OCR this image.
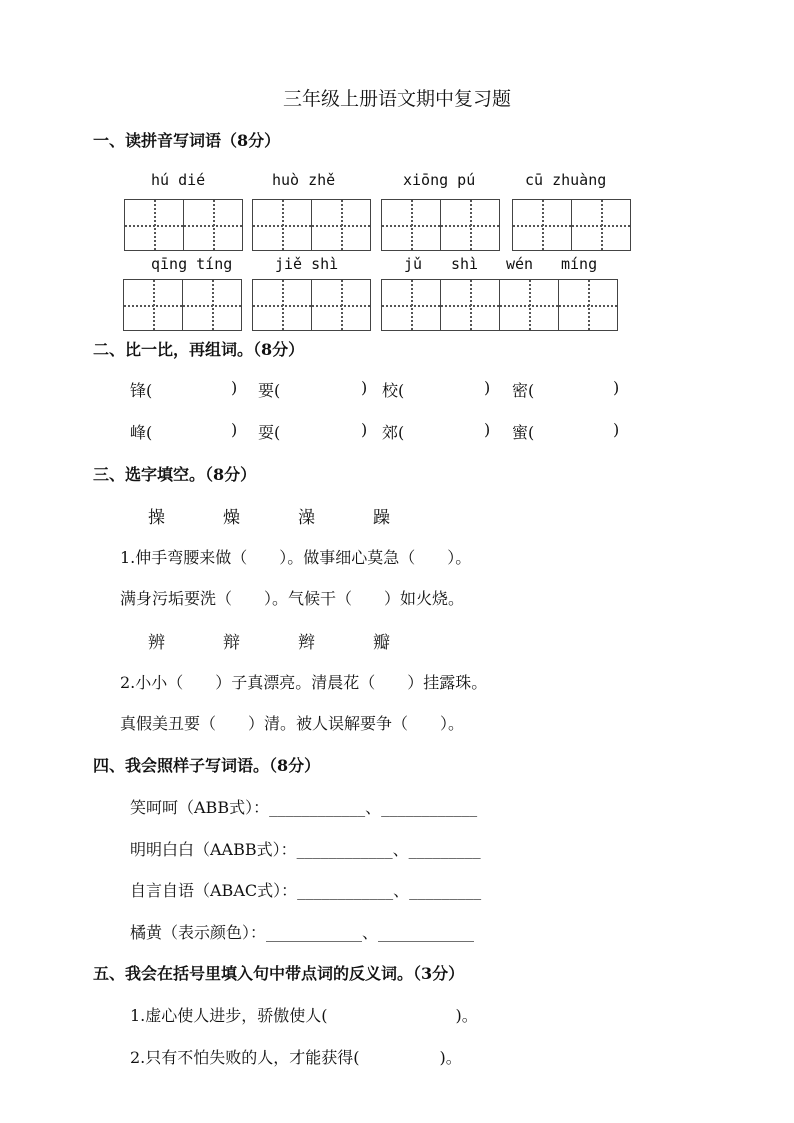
三年级上册语文期中复习题
一、读拼音写词语（8分）
hú dié	huò zhě	xiōng pú	cū zhuàng
qīng tíng	jiě shì	jǔ shì wén míng
二、比一比，再组词。（8分）
锋(	) 要(	) 校(	) 密(	)
峰(	) 耍(	) 郊(	) 蜜(	)
三、选字填空。（8分）
操	燥	澡	躁
1.伸手弯腰来做（　　）。做事细心莫急（　　）。
满身污垢要洗（　　）。气候干（　　）如火烧。
辨	辩	辫	瓣
2.小小（　　）子真漂亮。清晨花（　　）挂露珠。
真假美丑要（　　）清。被人误解要争（　　）。
四、我会照样子写词语。（8分）
笑呵呵（ABB式）：____________、____________
明明白白（AABB式）：____________、_________
自言自语（ABAC式）：____________、_________
橘黄（表示颜色）：____________、____________
五、我会在括号里填入句中带点词的反义词。（3分）
1.虚心使人进步，骄傲使人(　　　　　　　　)。
2.只有不怕失败的人，才能获得(　　　　　)。
